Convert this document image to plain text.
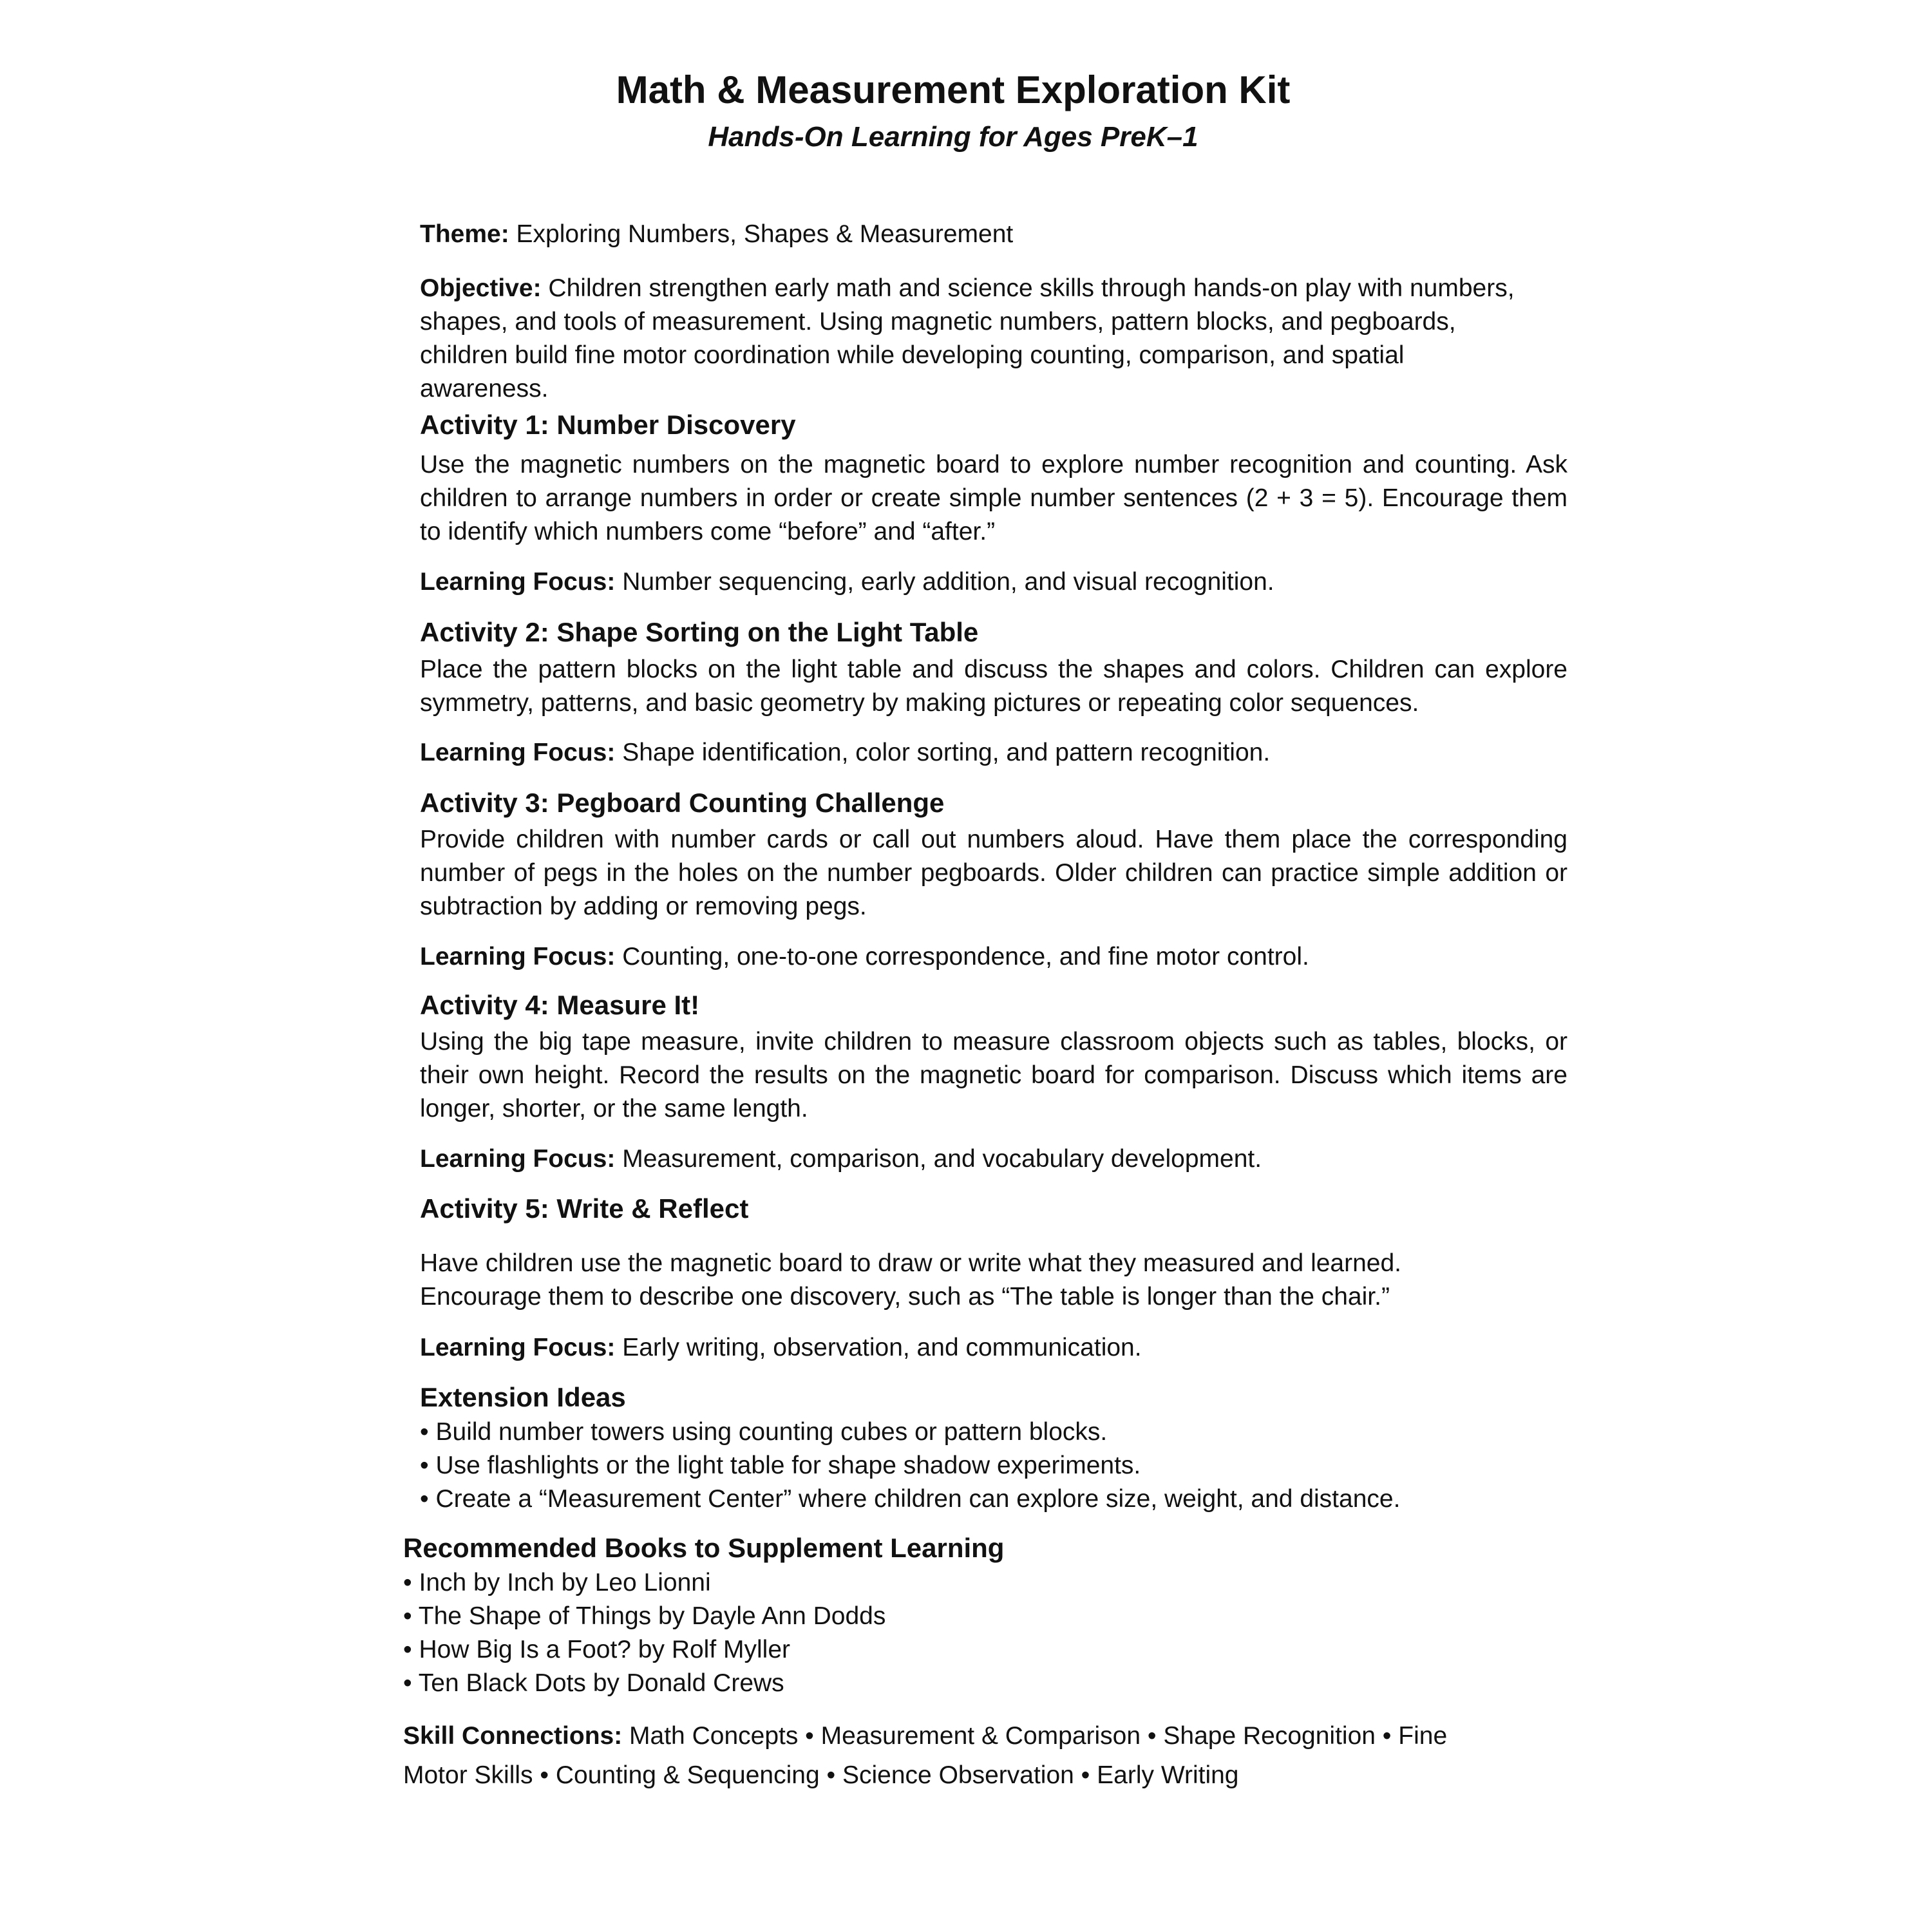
Math & Measurement Exploration Kit

Hands-On Learning for Ages PreK–1

Theme: Exploring Numbers, Shapes & Measurement

Objective: Children strengthen early math and science skills through hands-on play with numbers,
shapes, and tools of measurement. Using magnetic numbers, pattern blocks, and pegboards,
children build fine motor coordination while developing counting, comparison, and spatial
awareness.

Activity 1: Number Discovery

Use the magnetic numbers on the magnetic board to explore number recognition and counting. Ask children to arrange numbers in order or create simple number sentences (2 + 3 = 5). Encourage them to identify which numbers come “before” and “after.”

Learning Focus: Number sequencing, early addition, and visual recognition.

Activity 2: Shape Sorting on the Light Table

Place the pattern blocks on the light table and discuss the shapes and colors. Children can explore symmetry, patterns, and basic geometry by making pictures or repeating color sequences.

Learning Focus: Shape identification, color sorting, and pattern recognition.

Activity 3: Pegboard Counting Challenge

Provide children with number cards or call out numbers aloud. Have them place the corresponding number of pegs in the holes on the number pegboards. Older children can practice simple addition or subtraction by adding or removing pegs.

Learning Focus: Counting, one-to-one correspondence, and fine motor control.

Activity 4: Measure It!

Using the big tape measure, invite children to measure classroom objects such as tables, blocks, or their own height. Record the results on the magnetic board for comparison. Discuss which items are longer, shorter, or the same length.

Learning Focus: Measurement, comparison, and vocabulary development.

Activity 5: Write & Reflect

Have children use the magnetic board to draw or write what they measured and learned.
Encourage them to describe one discovery, such as “The table is longer than the chair.”

Learning Focus: Early writing, observation, and communication.

Extension Ideas
• Build number towers using counting cubes or pattern blocks.
• Use flashlights or the light table for shape shadow experiments.
• Create a “Measurement Center” where children can explore size, weight, and distance.
Recommended Books to Supplement Learning
• Inch by Inch by Leo Lionni
• The Shape of Things by Dayle Ann Dodds
• How Big Is a Foot? by Rolf Myller
• Ten Black Dots by Donald Crews

Skill Connections: Math Concepts • Measurement & Comparison • Shape Recognition • Fine
Motor Skills • Counting & Sequencing • Science Observation • Early Writing
